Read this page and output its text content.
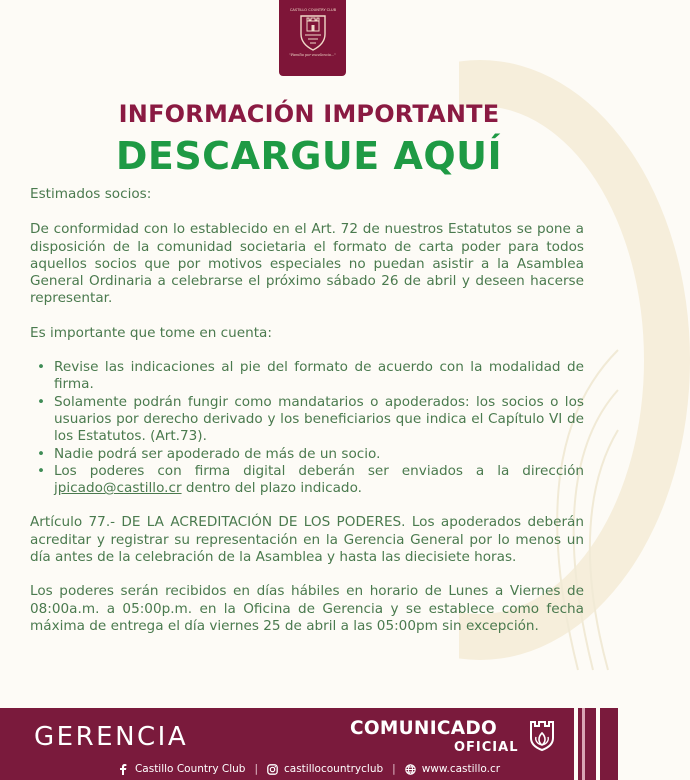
CASTILLO COUNTRY CLUB
"Familia por excelencia..."
INFORMACIÓN IMPORTANTE
DESCARGUE AQUÍ

Estimados socios:

De conformidad con lo establecido en el Art. 72 de nuestros Estatutos se pone a disposición de la comunidad societaria el formato de carta poder para todos aquellos socios que por motivos especiales no puedan asistir a la Asamblea General Ordinaria a celebrarse el próximo sábado 26 de abril y deseen hacerse representar.

Es importante que tome en cuenta:

• Revise las indicaciones al pie del formato de acuerdo con la modalidad de firma.
• Solamente podrán fungir como mandatarios o apoderados: los socios o los usuarios por derecho derivado y los beneficiarios que indica el Capítulo VI de los Estatutos. (Art.73).
• Nadie podrá ser apoderado de más de un socio.
• Los poderes con firma digital deberán ser enviados a la dirección jpicado@castillo.cr dentro del plazo indicado.

Artículo 77.- DE LA ACREDITACIÓN DE LOS PODERES. Los apoderados deberán acreditar y registrar su representación en la Gerencia General por lo menos un día antes de la celebración de la Asamblea y hasta las diecisiete horas.

Los poderes serán recibidos en días hábiles en horario de Lunes a Viernes de 08:00a.m. a 05:00p.m. en la Oficina de Gerencia y se establece como fecha máxima de entrega el día viernes 25 de abril a las 05:00pm sin excepción.

GERENCIA	COMUNICADO
OFICIAL
Castillo Country Club | castillocountryclub | www.castillo.cr
